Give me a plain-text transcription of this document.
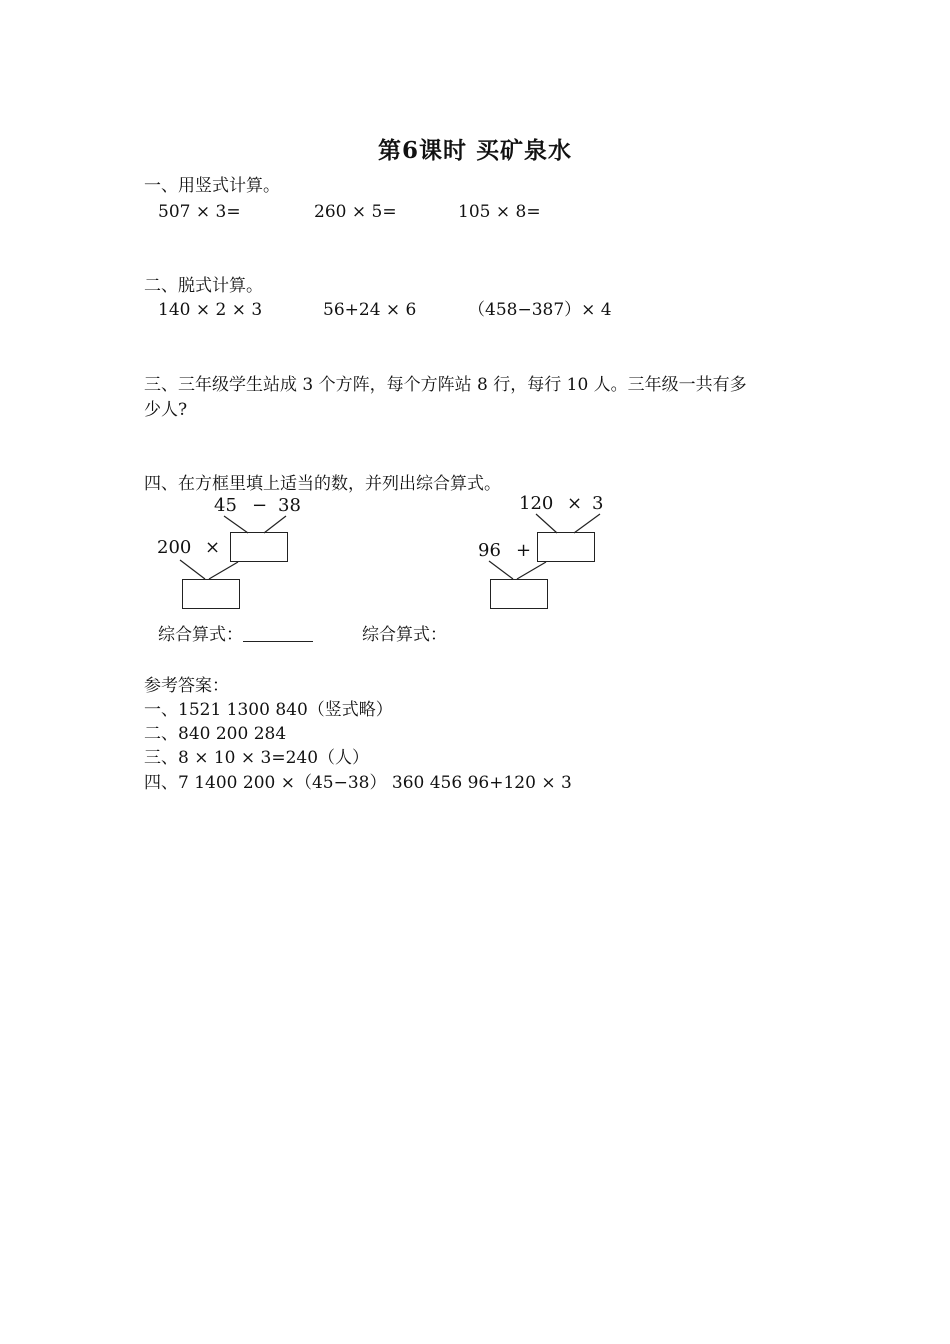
第6课时 买矿泉水
一、用竖式计算。
507 × 3=	260 × 5=	105 × 8=
二、脱式计算。
140 × 2 × 3	56+24 × 6	（458−387）× 4
三、三年级学生站成 3 个方阵，每个方阵站 8 行，每行 10 人。三年级一共有多
少人?
四、在方框里填上适当的数，并列出综合算式。
45 − 38
200 ×
120 × 3
96 +
综合算式：	综合算式：
参考答案：
一、1521 1300 840（竖式略）
二、840 200 284
三、8 × 10 × 3=240（人）
四、7 1400 200 ×（45−38） 360 456 96+120 × 3
